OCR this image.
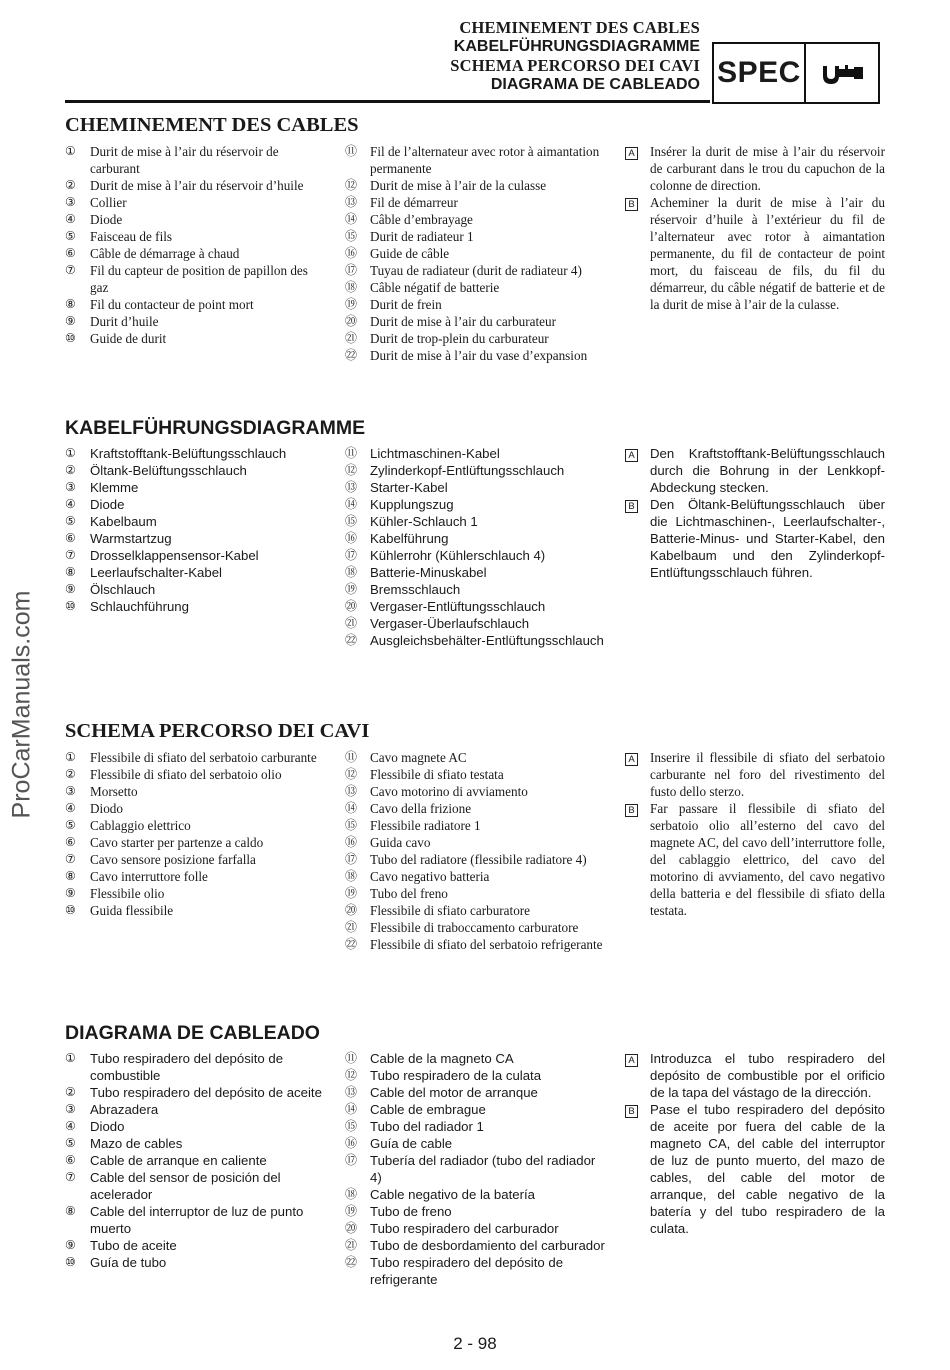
CHEMINEMENT DES CABLES
KABELFÜHRUNGSDIAGRAMME
SCHEMA PERCORSO DEI CAVI
DIAGRAMA DE CABLEADO SPEC
ProCarManuals.com
CHEMINEMENT DES CABLES
①	Durit de mise à l’air du réservoir de carburant
②	Durit de mise à l’air du réservoir d’huile
③	Collier
④	Diode
⑤	Faisceau de fils
⑥	Câble de démarrage à chaud
⑦	Fil du capteur de position de papillon des gaz
⑧	Fil du contacteur de point mort
⑨	Durit d’huile
⑩	Guide de durit
⑪ Fil de l’alternateur avec rotor à aimantation permanente
⑫ Durit de mise à l’air de la culasse
⑬ Fil de démarreur
⑭ Câble d’embrayage
⑮ Durit de radiateur 1
⑯ Guide de câble
⑰ Tuyau de radiateur (durit de radiateur 4)
⑱ Câble négatif de batterie
⑲ Durit de frein
⑳ Durit de mise à l’air du carburateur
㉑ Durit de trop-plein du carburateur
㉒ Durit de mise à l’air du vase d’expansion
A	Insérer la durit de mise à l’air du réservoir de carburant dans le trou du capuchon de la colonne de direction.
B	Acheminer la durit de mise à l’air du réservoir d’huile à l’extérieur du fil de l’alternateur avec rotor à aimantation permanente, du fil de contacteur de point mort, du faisceau de fils, du fil du démarreur, du câble négatif de batterie et de la durit de mise à l’air de la culasse.
KABELFÜHRUNGSDIAGRAMME
①	Kraftstofftank-Belüftungsschlauch
②	Öltank-Belüftungsschlauch
③	Klemme
④	Diode
⑤	Kabelbaum
⑥	Warmstartzug
⑦	Drosselklappensensor-Kabel
⑧	Leerlaufschalter-Kabel
⑨	Ölschlauch
⑩	Schlauchführung
⑪ Lichtmaschinen-Kabel
⑫ Zylinderkopf-Entlüftungsschlauch
⑬ Starter-Kabel
⑭ Kupplungszug
⑮ Kühler-Schlauch 1
⑯ Kabelführung
⑰ Kühlerrohr (Kühlerschlauch 4)
⑱ Batterie-Minuskabel
⑲ Bremsschlauch
⑳ Vergaser-Entlüftungsschlauch
㉑ Vergaser-Überlaufschlauch
㉒ Ausgleichsbehälter-Entlüftungsschlauch
A	Den Kraftstofftank-Belüftungsschlauch durch die Bohrung in der Lenkkopf-Abdeckung stecken.
B	Den Öltank-Belüftungsschlauch über die Lichtmaschinen-, Leerlaufschalter-, Batterie-Minus- und Starter-Kabel, den Kabelbaum und den Zylinderkopf-Entlüftungsschlauch führen.
SCHEMA PERCORSO DEI CAVI
①	Flessibile di sfiato del serbatoio carburante
②	Flessibile di sfiato del serbatoio olio
③	Morsetto
④	Diodo
⑤	Cablaggio elettrico
⑥	Cavo starter per partenze a caldo
⑦	Cavo sensore posizione farfalla
⑧	Cavo interruttore folle
⑨	Flessibile olio
⑩	Guida flessibile
⑪ Cavo magnete AC
⑫ Flessibile di sfiato testata
⑬ Cavo motorino di avviamento
⑭ Cavo della frizione
⑮ Flessibile radiatore 1
⑯ Guida cavo
⑰ Tubo del radiatore (flessibile radiatore 4)
⑱ Cavo negativo batteria
⑲ Tubo del freno
⑳ Flessibile di sfiato carburatore
㉑ Flessibile di traboccamento carburatore
㉒ Flessibile di sfiato del serbatoio refrigerante
A	Inserire il flessibile di sfiato del serbatoio carburante nel foro del rivestimento del fusto dello sterzo.
B	Far passare il flessibile di sfiato del serbatoio olio all’esterno del cavo del magnete AC, del cavo dell’interruttore folle, del cablaggio elettrico, del cavo del motorino di avviamento, del cavo negativo della batteria e del flessibile di sfiato della testata.
DIAGRAMA DE CABLEADO
①	Tubo respiradero del depósito de combustible
②	Tubo respiradero del depósito de aceite
③	Abrazadera
④	Diodo
⑤	Mazo de cables
⑥	Cable de arranque en caliente
⑦	Cable del sensor de posición del acelerador
⑧	Cable del interruptor de luz de punto muerto
⑨	Tubo de aceite
⑩	Guía de tubo
⑪ Cable de la magneto CA
⑫ Tubo respiradero de la culata
⑬ Cable del motor de arranque
⑭ Cable de embrague
⑮ Tubo del radiador 1
⑯ Guía de cable
⑰ Tubería del radiador (tubo del radiador 4)
⑱ Cable negativo de la batería
⑲ Tubo de freno
⑳ Tubo respiradero del carburador
㉑ Tubo de desbordamiento del carburador
㉒ Tubo respiradero del depósito de refrigerante
A	Introduzca el tubo respiradero del depósito de combustible por el orificio de la tapa del vástago de la dirección.
B	Pase el tubo respiradero del depósito de aceite por fuera del cable de la magneto CA, del cable del interruptor de luz de punto muerto, del mazo de cables, del cable del motor de arranque, del cable negativo de la batería y del tubo respiradero de la culata.
2 - 98
